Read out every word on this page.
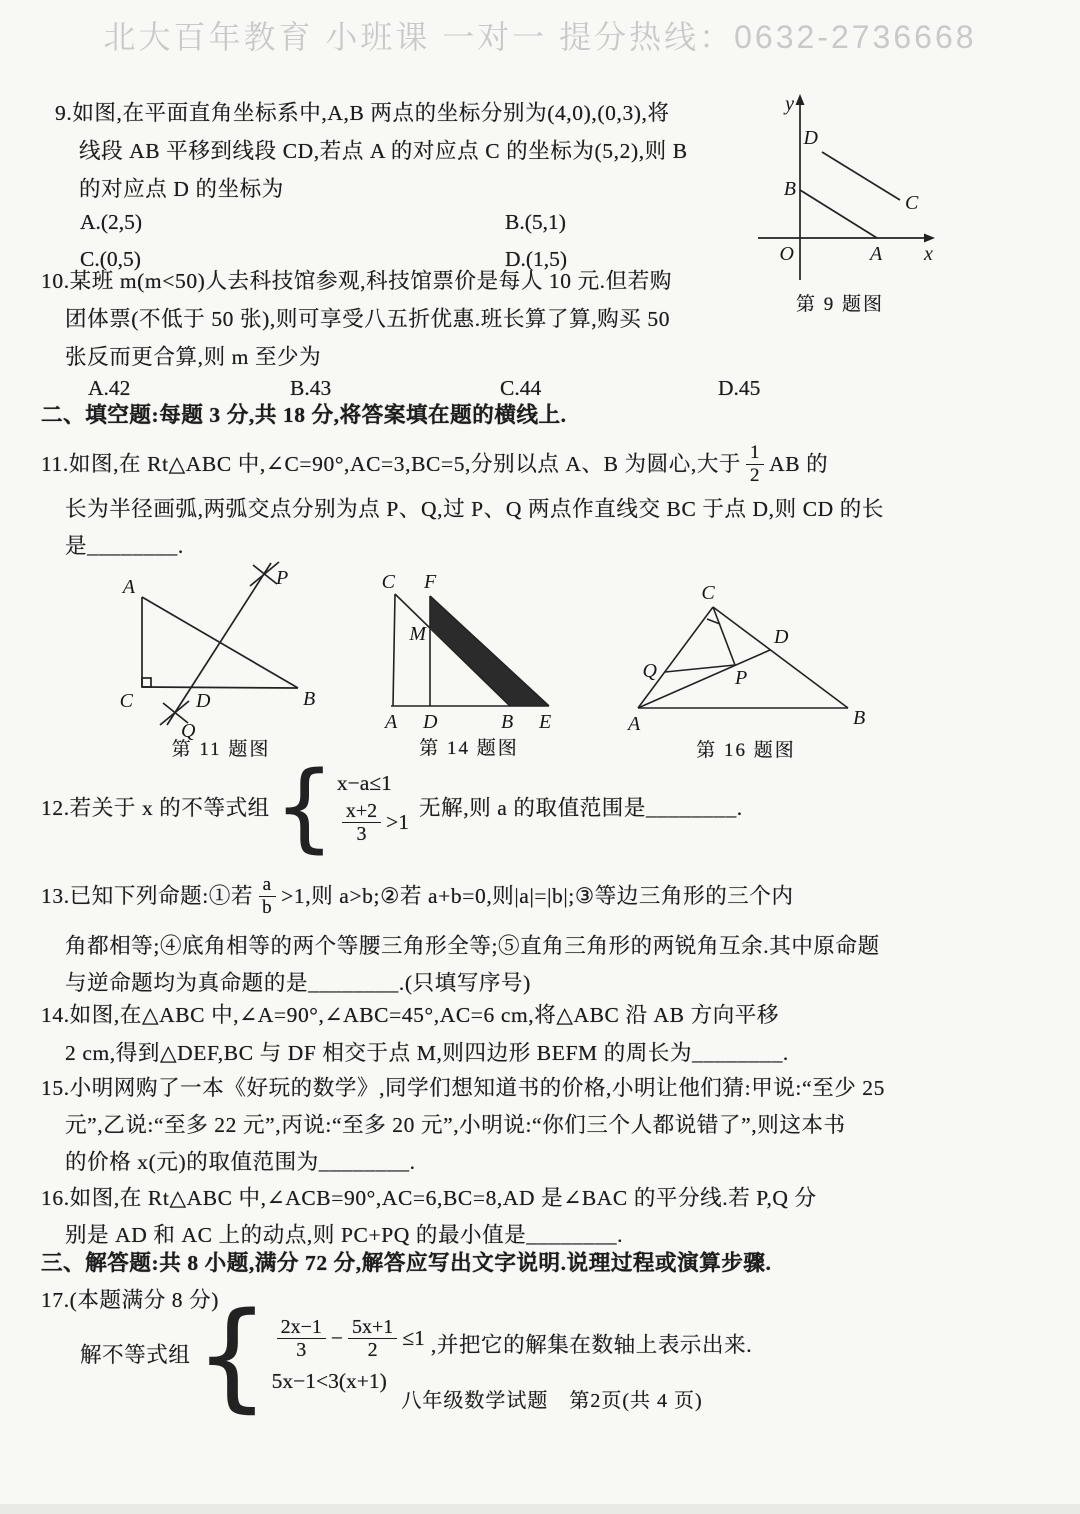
北大百年教育 小班课 一对一 提分热线：0632-2736668
9.如图,在平面直角坐标系中,A,B 两点的坐标分别为(4,0),(0,3),将
线段 AB 平移到线段 CD,若点 A 的对应点 C 的坐标为(5,2),则 B
的对应点 D 的坐标为
A.(2,5)	B.(5,1)
C.(0,5)	D.(1,5)
y
x
O	A
B
C
D
第 9 题图
10.某班 m(m<50)人去科技馆参观,科技馆票价是每人 10 元.但若购
团体票(不低于 50 张),则可享受八五折优惠.班长算了算,购买 50
张反而更合算,则 m 至少为
A.42	B.43	C.44	D.45
二、填空题:每题 3 分,共 18 分,将答案填在题的横线上.
11.如图,在 Rt△ABC 中,∠C=90°,AC=3,BC=5,分别以点 A、B 为圆心,大于 $\frac{1}{2}$ AB 的
长为半径画弧,两弧交点分别为点 P、Q,过 P、Q 两点作直线交 BC 于点 D,则 CD 的长
是________.
A
C	B
D
P
Q
第 11 题图
C F
A D	B E
M
第 14 题图
A	B
C
D
Q	P
第 16 题图
12.若关于 x 的不等式组 { x−a≤1
$\frac{x+2}{3} >1$
无解,则 a 的取值范围是________.
13.已知下列命题:①若 $\frac{a}{b} >1$,则 a>b;②若 a+b=0,则|a|=|b|;③等边三角形的三个内
角都相等;④底角相等的两个等腰三角形全等;⑤直角三角形的两锐角互余.其中原命题
与逆命题均为真命题的是________.(只填写序号)
14.如图,在△ABC 中,∠A=90°,∠ABC=45°,AC=6 cm,将△ABC 沿 AB 方向平移
2 cm,得到△DEF,BC 与 DF 相交于点 M,则四边形 BEFM 的周长为________.
15.小明网购了一本《好玩的数学》,同学们想知道书的价格,小明让他们猜:甲说:“至少 25
元”,乙说:“至多 22 元”,丙说:“至多 20 元”,小明说:“你们三个人都说错了”,则这本书
的价格 x(元)的取值范围为________.
16.如图,在 Rt△ABC 中,∠ACB=90°,AC=6,BC=8,AD 是∠BAC 的平分线.若 P,Q 分
别是 AD 和 AC 上的动点,则 PC+PQ 的最小值是________.
三、解答题:共 8 小题,满分 72 分,解答应写出文字说明.说理过程或演算步骤.
17.(本题满分 8 分)
解不等式组 { $\frac{2x-1}{3} - \frac{5x+1}{2} \le 1$
5x−1<3(x+1)
,并把它的解集在数轴上表示出来.
八年级数学试题　第2页(共 4 页)
